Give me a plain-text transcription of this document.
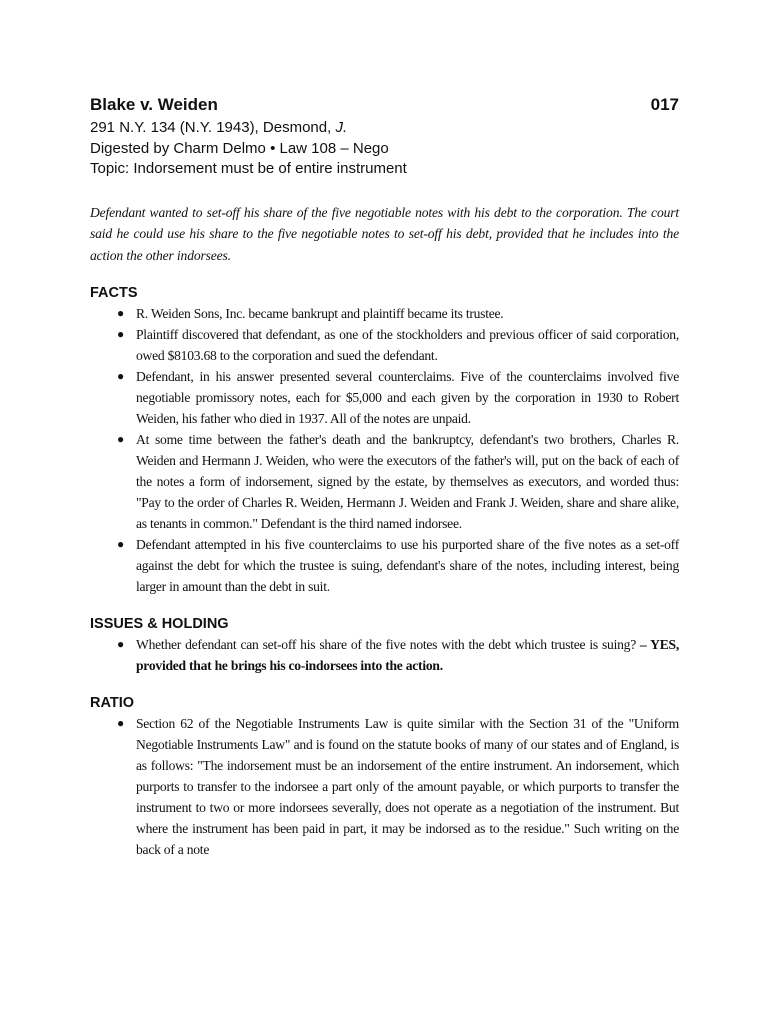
Blake v. Weiden	017
291 N.Y. 134 (N.Y. 1943), Desmond, J.
Digested by Charm Delmo • Law 108 – Nego
Topic: Indorsement must be of entire instrument
Defendant wanted to set-off his share of the five negotiable notes with his debt to the corporation. The court said he could use his share to the five negotiable notes to set-off his debt, provided that he includes into the action the other indorsees.
FACTS
● R. Weiden Sons, Inc. became bankrupt and plaintiff became its trustee.
● Plaintiff discovered that defendant, as one of the stockholders and previous officer of said corporation, owed $8103.68 to the corporation and sued the defendant.
● Defendant, in his answer presented several counterclaims. Five of the counterclaims involved five negotiable promissory notes, each for $5,000 and each given by the corporation in 1930 to Robert Weiden, his father who died in 1937. All of the notes are unpaid.
● At some time between the father's death and the bankruptcy, defendant's two brothers, Charles R. Weiden and Hermann J. Weiden, who were the executors of the father's will, put on the back of each of the notes a form of indorsement, signed by the estate, by themselves as executors, and worded thus: "Pay to the order of Charles R. Weiden, Hermann J. Weiden and Frank J. Weiden, share and share alike, as tenants in common." Defendant is the third named indorsee.
● Defendant attempted in his five counterclaims to use his purported share of the five notes as a set-off against the debt for which the trustee is suing, defendant's share of the notes, including interest, being larger in amount than the debt in suit.
ISSUES & HOLDING
● Whether defendant can set-off his share of the five notes with the debt which trustee is suing? – YES, provided that he brings his co-indorsees into the action.
RATIO
● Section 62 of the Negotiable Instruments Law is quite similar with the Section 31 of the "Uniform Negotiable Instruments Law" and is found on the statute books of many of our states and of England, is as follows: "The indorsement must be an indorsement of the entire instrument. An indorsement, which purports to transfer to the indorsee a part only of the amount payable, or which purports to transfer the instrument to two or more indorsees severally, does not operate as a negotiation of the instrument. But where the instrument has been paid in part, it may be indorsed as to the residue." Such writing on the back of a note
